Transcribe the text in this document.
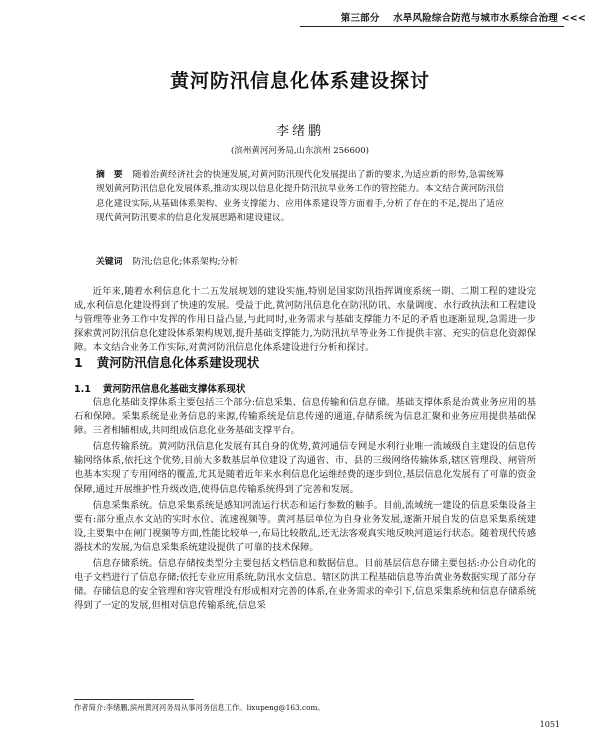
第三部分 水旱风险综合防范与城市水系综合治理 <<<
黄河防汛信息化体系建设探讨
李绪鹏
(滨州黄河河务局,山东滨州 256600)
摘　要 随着治黄经济社会的快速发展,对黄河防汛现代化发展提出了新的要求,为适应新的形势,急需统筹规划黄河防汛信息化发展体系,推动实现以信息化提升防汛抗旱业务工作的管控能力。本文结合黄河防汛信息化建设实际,从基础体系架构、业务支撑能力、应用体系建设等方面着手,分析了存在的不足,提出了适应现代黄河防汛要求的信息化发展思路和建设建议。
关键词 防汛;信息化;体系架构;分析

近年来,随着水利信息化十二五发展规划的建设实施,特别是国家防汛指挥调度系统一期、二期工程的建设完成,水利信息化建设得到了快速的发展。受益于此,黄河防汛信息化在防汛防讯、水量调度、水行政执法和工程建设与管理等业务工作中发挥的作用日益凸显,与此同时,业务需求与基础支撑能力不足的矛盾也逐渐显现,急需进一步探索黄河防汛信息化建设体系架构规划,提升基础支撑能力,为防汛抗旱等业务工作提供丰富、充实的信息化资源保障。本文结合业务工作实际,对黄河防汛信息化体系建设进行分析和探讨。

1 黄河防汛信息化体系建设现状
1.1 黄河防汛信息化基础支撑体系现状

信息化基础支撑体系主要包括三个部分:信息采集、信息传输和信息存储。基础支撑体系是治黄业务应用的基石和保障。采集系统是业务信息的来源,传输系统是信息传递的通道,存储系统为信息汇聚和业务应用提供基础保障。三者相辅相成,共同组成信息化业务基础支撑平台。

信息传输系统。黄河防汛信息化发展有其自身的优势,黄河通信专网是水利行业唯一流域级自主建设的信息传输网络体系,依托这个优势,目前大多数基层单位建设了沟通省、市、县的三级网络传输体系,辖区管理段、闸管所也基本实现了专用网络的覆盖,尤其是随着近年来水利信息化运维经费的逐步到位,基层信息化发展有了可靠的资金保障,通过开展维护性升级改造,使得信息传输系统得到了完善和发展。

信息采集系统。信息采集系统是感知河流运行状态和运行参数的触手。目前,流域统一建设的信息采集设备主要有:部分重点水文站的实时水位、流速视频等。黄河基层单位为自身业务发展,逐渐开展自发的信息采集系统建设,主要集中在闸门视频等方面,性能比较单一,布局比较散乱,还无法客观真实地反映河道运行状态。随着现代传感器技术的发展,为信息采集系统建设提供了可靠的技术保障。

信息存储系统。信息存储按类型分主要包括文档信息和数据信息。目前基层信息存储主要包括:办公自动化的电子文档进行了信息存储;依托专业应用系统,防汛水文信息、辖区防洪工程基础信息等治黄业务数据实现了部分存储。存储信息的安全管理和容灾管理没有形成相对完善的体系,在业务需求的牵引下,信息采集系统和信息存储系统得到了一定的发展,但相对信息传输系统,信息采

作者简介:李绪鹏,滨州黄河河务局从事河务信息工作。lixupeng@163.com。
1051
